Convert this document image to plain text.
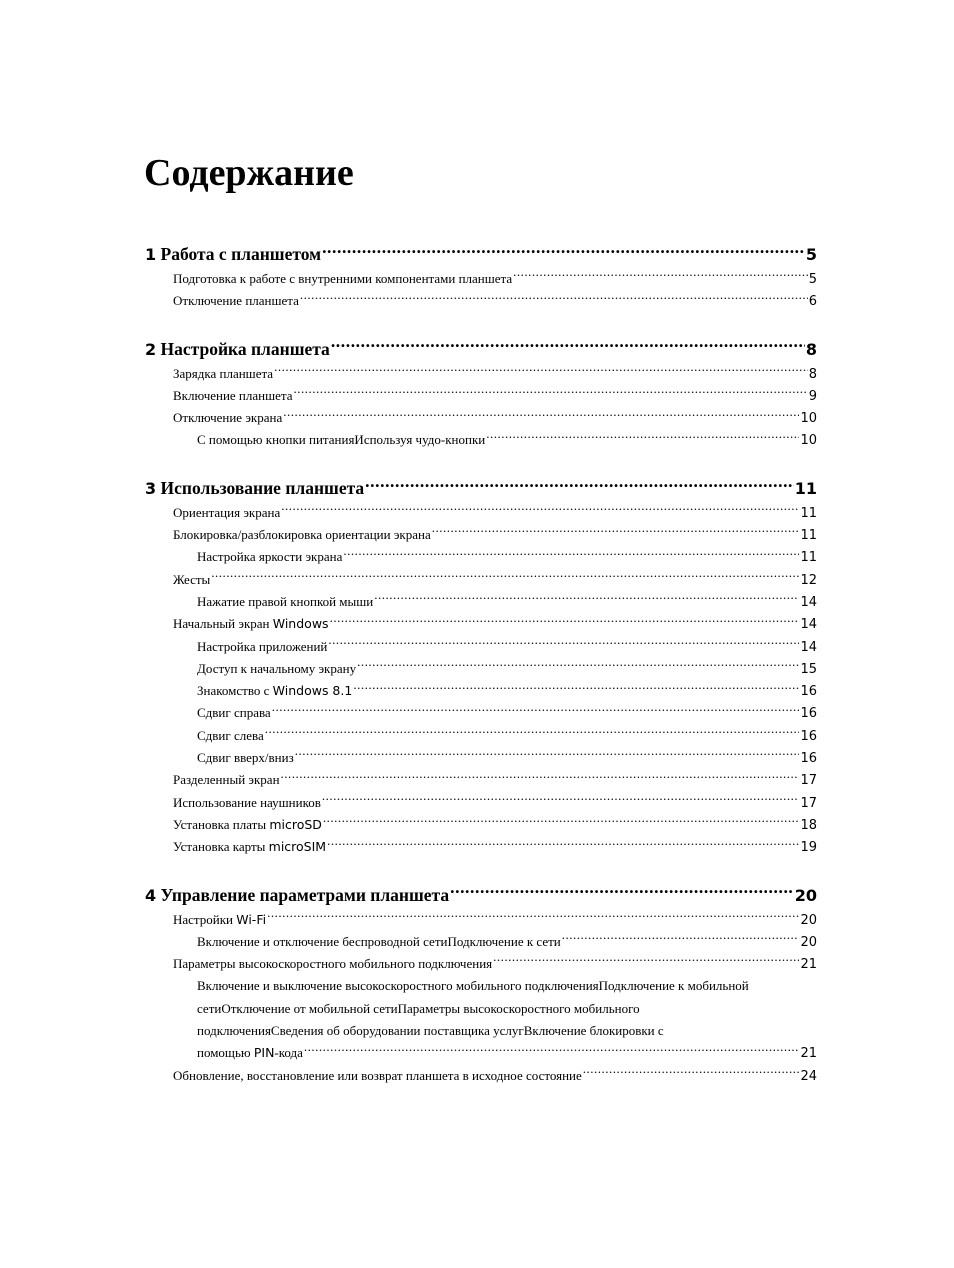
Содержание
1 Работа с планшетом .....	5
Подготовка к работе с внутренними компонентами планшета .....	5
Отключение планшета .....	6
2 Настройка планшета .....	8
Зарядка планшета .....	8
Включение планшета .....	9
Отключение экрана .....	10
С помощью кнопки питанияИспользуя чудо-кнопки .....	10
3 Использование планшета .....	11
Ориентация экрана .....	11
Блокировка/разблокировка ориентации экрана .....	11
Настройка яркости экрана .....	11
Жесты .....	12
Нажатие правой кнопкой мыши .....	14
Начальный экран Windows .....	14
Настройка приложений .....	14
Доступ к начальному экрану .....	15
Знакомство с Windows 8.1 .....	16
Сдвиг справа .....	16
Сдвиг слева .....	16
Сдвиг вверх/вниз .....	16
Разделенный экран .....	17
Использование наушников .....	17
Установка платы microSD .....	18
Установка карты microSIM .....	19
4 Управление параметрами планшета .....	20
Настройки Wi-Fi .....	20
Включение и отключение беспроводной сетиПодключение к сети .....	20
Параметры высокоскоростного мобильного подключения .....	21
Включение и выключение высокоскоростного мобильного подключенияПодключение к мобильной сетиОтключение от мобильной сетиПараметры высокоскоростного мобильного подключенияСведения об оборудовании поставщика услугВключение блокировки с
помощью PIN-кода .....	21
Обновление, восстановление или возврат планшета в исходное состояние .....	24
